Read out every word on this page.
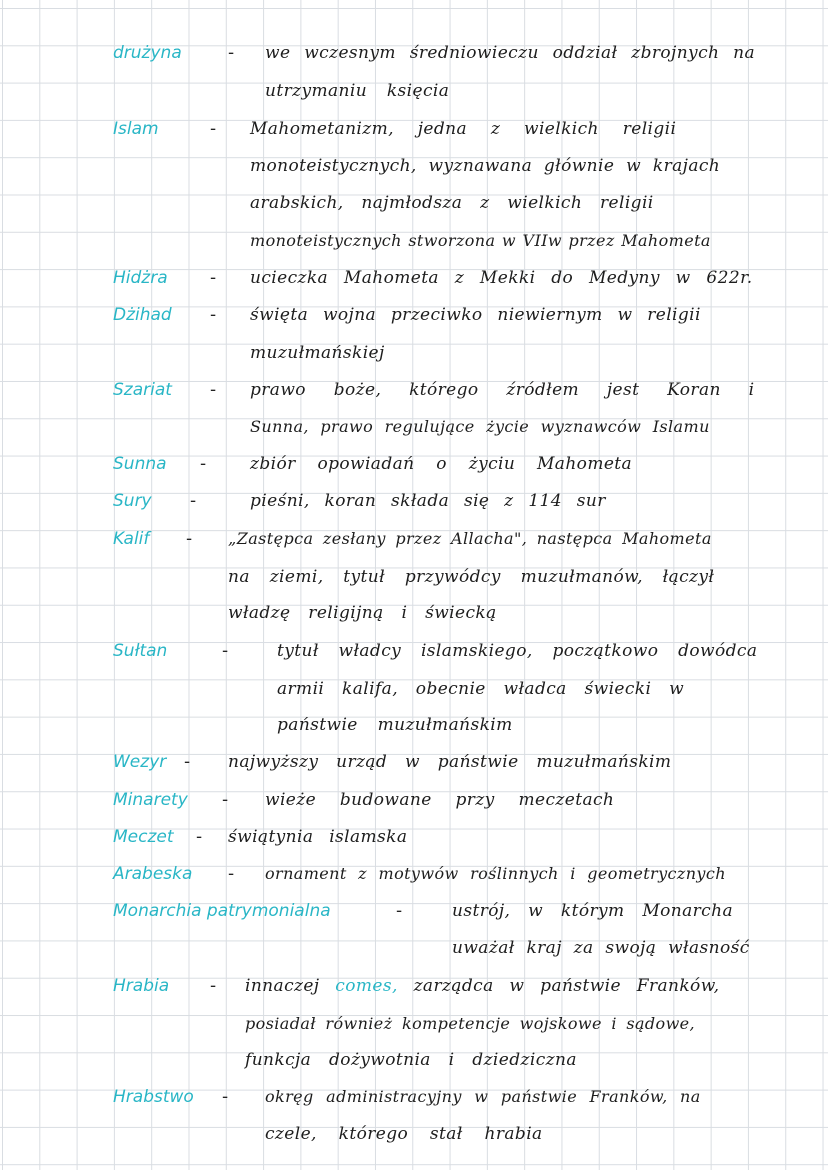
drużyna	- we wczesnym średniowieczu oddział zbrojnych na
utrzymaniu księcia
Islam	- Mahometanizm, jedna z wielkich religii
monoteistycznych, wyznawana głównie w krajach
arabskich, najmłodsza z wielkich religii
monoteistycznych stworzona w VIIw przez Mahometa
Hidżra - ucieczka Mahometa z Mekki do Medyny w 622r.
Dżihad - święta wojna przeciwko niewiernym w religii
muzułmańskiej
Szariat - prawo boże, którego źródłem jest Koran i
Sunna, prawo regulujące życie wyznawców Islamu
Sunna -	zbiór opowiadań o życiu Mahometa
Sury -	pieśni, koran składa się z 114 sur
Kalif - „Zastępca zesłany przez Allacha", następca Mahometa
na ziemi, tytuł przywódcy muzułmanów, łączył
władzę religijną i świecką
Sułtan	-	tytuł władcy islamskiego, początkowo dowódca
armii kalifa, obecnie władca świecki w
państwie muzułmańskim
Wezyr - najwyższy urząd w państwie muzułmańskim
Minarety - wieże budowane przy meczetach
Meczet - świątynia islamska
Arabeska - ornament z motywów roślinnych i geometrycznych
Monarchia patrymonialna	-	ustrój, w którym Monarcha
uważał kraj za swoją własność
Hrabia - innaczej comes, zarządca w państwie Franków,
posiadał również kompetencje wojskowe i sądowe,
funkcja dożywotnia i dziedziczna
Hrabstwo - okręg administracyjny w państwie Franków, na
czele, którego stał hrabia
